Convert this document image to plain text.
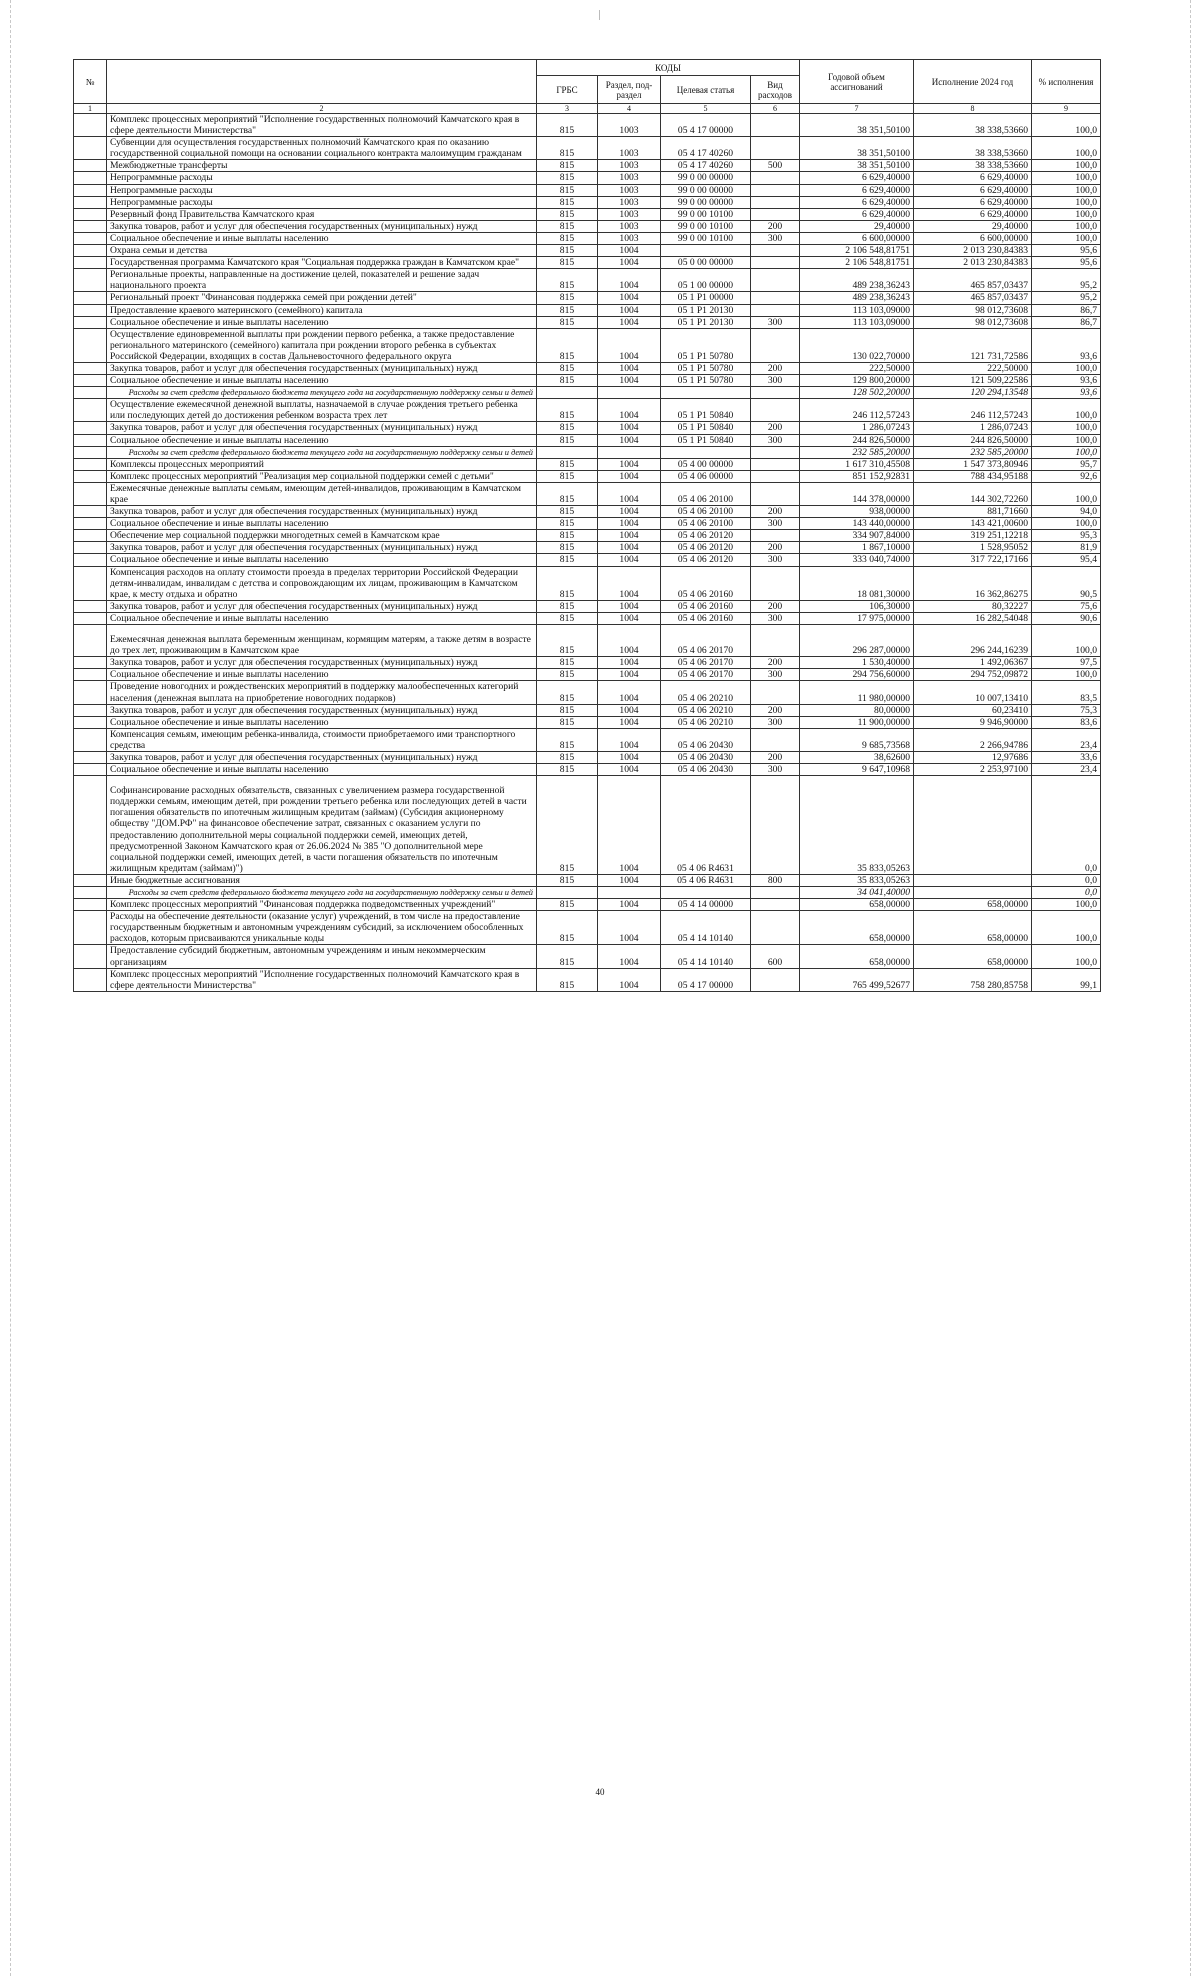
№		КОДЫ				Годовой объем ассигнований	Исполнение 2024 год	% исполнения
		ГРБС	Раздел, под-раздел	Целевая статья	Вид расходов			
1	2	3	4	5	6	7	8	9
	Комплекс процессных мероприятий "Исполнение государственных полномочий Камчатского края в сфере деятельности Министерства"	815	1003	05 4 17 00000		38 351,50100	38 338,53660	100,0
	Субвенции для осуществления государственных полномочий Камчатского края по оказанию государственной социальной помощи на основании социального контракта малоимущим гражданам	815	1003	05 4 17 40260		38 351,50100	38 338,53660	100,0
	Межбюджетные трансферты	815	1003	05 4 17 40260	500	38 351,50100	38 338,53660	100,0
	Непрограммные расходы	815	1003	99 0 00 00000		6 629,40000	6 629,40000	100,0
	Непрограммные расходы	815	1003	99 0 00 00000		6 629,40000	6 629,40000	100,0
	Непрограммные расходы	815	1003	99 0 00 00000		6 629,40000	6 629,40000	100,0
	Резервный фонд Правительства Камчатского края	815	1003	99 0 00 10100		6 629,40000	6 629,40000	100,0
	Закупка товаров, работ и услуг для обеспечения государственных (муниципальных) нужд	815	1003	99 0 00 10100	200	29,40000	29,40000	100,0
	Социальное обеспечение и иные выплаты населению	815	1003	99 0 00 10100	300	6 600,00000	6 600,00000	100,0
	Охрана семьи и детства	815	1004			2 106 548,81751	2 013 230,84383	95,6
	Государственная программа Камчатского края "Социальная поддержка граждан в Камчатском крае"	815	1004	05 0 00 00000		2 106 548,81751	2 013 230,84383	95,6
	Региональные проекты, направленные на достижение целей, показателей и решение задач национального проекта	815	1004	05 1 00 00000		489 238,36243	465 857,03437	95,2
	Региональный проект "Финансовая поддержка семей при рождении детей"	815	1004	05 1 P1 00000		489 238,36243	465 857,03437	95,2
	Предоставление краевого материнского (семейного) капитала	815	1004	05 1 P1 20130		113 103,09000	98 012,73608	86,7
	Социальное обеспечение и иные выплаты населению	815	1004	05 1 P1 20130	300	113 103,09000	98 012,73608	86,7
	Осуществление единовременной выплаты при рождении первого ребенка, а также предоставление регионального материнского (семейного) капитала при рождении второго ребенка в субъектах Российской Федерации, входящих в состав Дальневосточного федерального округа	815	1004	05 1 P1 50780		130 022,70000	121 731,72586	93,6
	Закупка товаров, работ и услуг для обеспечения государственных (муниципальных) нужд	815	1004	05 1 P1 50780	200	222,50000	222,50000	100,0
	Социальное обеспечение и иные выплаты населению	815	1004	05 1 P1 50780	300	129 800,20000	121 509,22586	93,6
	Расходы за счет средств федерального бюджета текущего года на государственную поддержку семьи и детей					128 502,20000	120 294,13548	93,6
	Осуществление ежемесячной денежной выплаты, назначаемой в случае рождения третьего ребенка или последующих детей до достижения ребенком возраста трех лет	815	1004	05 1 P1 50840		246 112,57243	246 112,57243	100,0
	Закупка товаров, работ и услуг для обеспечения государственных (муниципальных) нужд	815	1004	05 1 P1 50840	200	1 286,07243	1 286,07243	100,0
	Социальное обеспечение и иные выплаты населению	815	1004	05 1 P1 50840	300	244 826,50000	244 826,50000	100,0
	Расходы за счет средств федерального бюджета текущего года на государственную поддержку семьи и детей					232 585,20000	232 585,20000	100,0
	Комплексы процессных мероприятий	815	1004	05 4 00 00000		1 617 310,45508	1 547 373,80946	95,7
	Комплекс процессных мероприятий "Реализация мер социальной поддержки семей с детьми"	815	1004	05 4 06 00000		851 152,92831	788 434,95188	92,6
	Ежемесячные денежные выплаты семьям, имеющим детей-инвалидов, проживающим в Камчатском крае	815	1004	05 4 06 20100		144 378,00000	144 302,72260	100,0
	Закупка товаров, работ и услуг для обеспечения государственных (муниципальных) нужд	815	1004	05 4 06 20100	200	938,00000	881,71660	94,0
	Социальное обеспечение и иные выплаты населению	815	1004	05 4 06 20100	300	143 440,00000	143 421,00600	100,0
	Обеспечение мер социальной поддержки многодетных семей в Камчатском крае	815	1004	05 4 06 20120		334 907,84000	319 251,12218	95,3
	Закупка товаров, работ и услуг для обеспечения государственных (муниципальных) нужд	815	1004	05 4 06 20120	200	1 867,10000	1 528,95052	81,9
	Социальное обеспечение и иные выплаты населению	815	1004	05 4 06 20120	300	333 040,74000	317 722,17166	95,4
	Компенсация расходов на оплату стоимости проезда в пределах территории Российской Федерации детям-инвалидам, инвалидам с детства и сопровождающим их лицам, проживающим в Камчатском крае, к месту отдыха и обратно	815	1004	05 4 06 20160		18 081,30000	16 362,86275	90,5
	Закупка товаров, работ и услуг для обеспечения государственных (муниципальных) нужд	815	1004	05 4 06 20160	200	106,30000	80,32227	75,6
	Социальное обеспечение и иные выплаты населению	815	1004	05 4 06 20160	300	17 975,00000	16 282,54048	90,6
	Ежемесячная денежная выплата беременным женщинам, кормящим матерям, а также детям в возрасте до трех лет, проживающим в Камчатском крае	815	1004	05 4 06 20170		296 287,00000	296 244,16239	100,0
	Закупка товаров, работ и услуг для обеспечения государственных (муниципальных) нужд	815	1004	05 4 06 20170	200	1 530,40000	1 492,06367	97,5
	Социальное обеспечение и иные выплаты населению	815	1004	05 4 06 20170	300	294 756,60000	294 752,09872	100,0
	Проведение новогодних и рождественских мероприятий в поддержку малообеспеченных категорий населения (денежная выплата на приобретение новогодних подарков)	815	1004	05 4 06 20210		11 980,00000	10 007,13410	83,5
	Закупка товаров, работ и услуг для обеспечения государственных (муниципальных) нужд	815	1004	05 4 06 20210	200	80,00000	60,23410	75,3
	Социальное обеспечение и иные выплаты населению	815	1004	05 4 06 20210	300	11 900,00000	9 946,90000	83,6
	Компенсация семьям, имеющим ребенка-инвалида, стоимости приобретаемого ими транспортного средства	815	1004	05 4 06 20430		9 685,73568	2 266,94786	23,4
	Закупка товаров, работ и услуг для обеспечения государственных (муниципальных) нужд	815	1004	05 4 06 20430	200	38,62600	12,97686	33,6
	Социальное обеспечение и иные выплаты населению	815	1004	05 4 06 20430	300	9 647,10968	2 253,97100	23,4
	Софинансирование расходных обязательств, связанных с увеличением размера государственной поддержки семьям, имеющим детей, при рождении третьего ребенка или последующих детей в части погашения обязательств по ипотечным жилищным кредитам (займам) (Субсидия акционерному обществу "ДОМ.РФ" на финансовое обеспечение затрат, связанных с оказанием услуги по предоставлению дополнительной меры социальной поддержки семей, имеющих детей, предусмотренной Законом Камчатского края от 26.06.2024 № 385 "О дополнительной мере социальной поддержки семей, имеющих детей, в части погашения обязательств по ипотечным жилищным кредитам (займам)")	815	1004	05 4 06 R4631		35 833,05263		0,0
	Иные бюджетные ассигнования	815	1004	05 4 06 R4631	800	35 833,05263		0,0
	Расходы за счет средств федерального бюджета текущего года на государственную поддержку семьи и детей					34 041,40000		0,0
	Комплекс процессных мероприятий "Финансовая поддержка подведомственных учреждений"	815	1004	05 4 14 00000		658,00000	658,00000	100,0
	Расходы на обеспечение деятельности (оказание услуг) учреждений, в том числе на предоставление государственным бюджетным и автономным учреждениям субсидий, за исключением обособленных расходов, которым присваиваются уникальные коды	815	1004	05 4 14 10140		658,00000	658,00000	100,0
	Предоставление субсидий бюджетным, автономным учреждениям и иным некоммерческим организациям	815	1004	05 4 14 10140	600	658,00000	658,00000	100,0
	Комплекс процессных мероприятий "Исполнение государственных полномочий Камчатского края в сфере деятельности Министерства"	815	1004	05 4 17 00000		765 499,52677	758 280,85758	99,1
40
